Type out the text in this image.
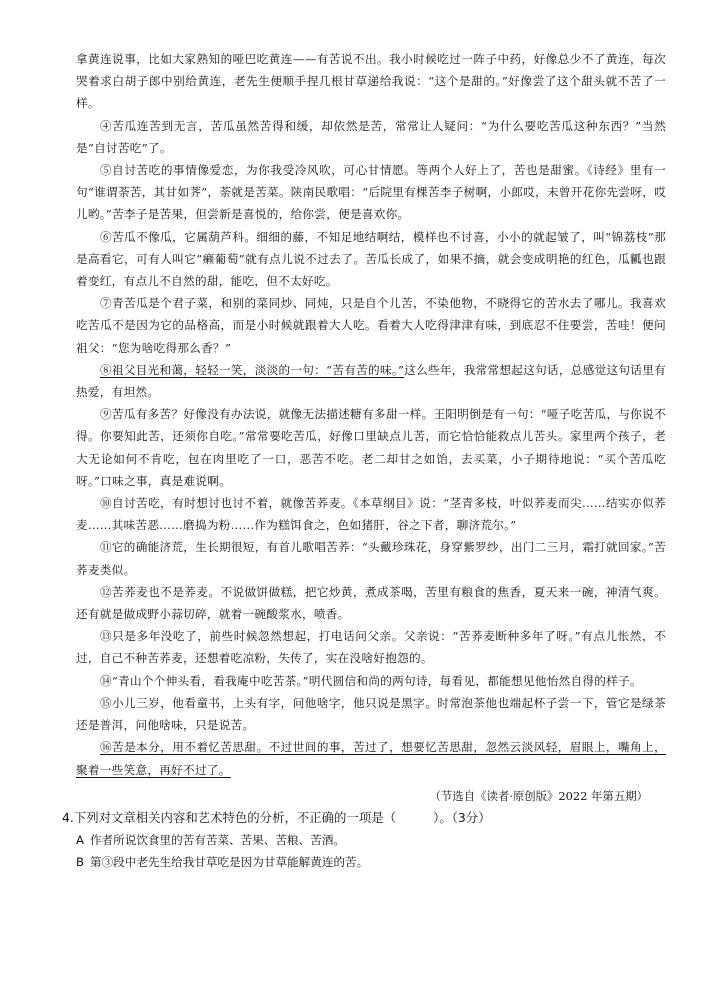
拿黄连说事，比如大家熟知的哑巴吃黄连——有苦说不出。我小时候吃过一阵子中药，好像总少不了黄连，每次哭着求白胡子郎中别给黄连，老先生便顺手捏几根甘草递给我说：“这个是甜的。”好像尝了这个甜头就不苦了一样。

④苦瓜连苦到无言，苦瓜虽然苦得和缓，却依然是苦，常常让人疑问：“为什么要吃苦瓜这种东西？”当然是“自讨苦吃”了。

⑤自讨苦吃的事情像爱恋，为你我受冷风吹，可心甘情愿。等两个人好上了，苦也是甜蜜。《诗经》里有一句“谁谓荼苦，其甘如荠”，荼就是苦菜。陕南民歌唱：“后院里有棵苦李子树啊，小郎哎，未曾开花你先尝呀，哎儿哟。”苦李子是苦果，但尝新是喜悦的，给你尝，便是喜欢你。

⑥苦瓜不像瓜，它属葫芦科。细细的藤，不知足地结啊结，模样也不讨喜，小小的就起皱了，叫“锦荔枝”那是高看它，可有人叫它“癞葡萄”就有点儿说不过去了。苦瓜长成了，如果不摘，就会变成明艳的红色，瓜瓤也跟着变红，有点儿不自然的甜，能吃，但不太好吃。

⑦青苦瓜是个君子菜，和别的菜同炒、同炖，只是自个儿苦，不染他物，不晓得它的苦水去了哪儿。我喜欢吃苦瓜不是因为它的品格高，而是小时候就跟着大人吃。看着大人吃得津津有味，到底忍不住要尝，苦哇！便问祖父：“您为啥吃得那么香？”

⑧祖父目光和蔼，轻轻一笑，淡淡的一句：“苦有苦的味。”这么些年，我常常想起这句话，总感觉这句话里有热爱，有坦然。

⑨苦瓜有多苦？好像没有办法说，就像无法描述糖有多甜一样。王阳明倒是有一句：“哑子吃苦瓜，与你说不得。你要知此苦，还须你自吃。”常常要吃苦瓜，好像口里缺点儿苦，而它恰恰能救点儿苦头。家里两个孩子，老大无论如何不肯吃，包在肉里吃了一口，恶苦不吃。老二却甘之如饴，去买菜，小子期待地说：“买个苦瓜吃呀。”口味之事，真是难说啊。

⑩自讨苦吃，有时想讨也讨不着，就像苦荞麦。《本草纲目》说：“茎青多枝，叶似荞麦而尖……结实亦似荞麦……其味苦恶……磨捣为粉……作为糕饵食之，色如猪肝，谷之下者，聊济荒尔。”

⑪它的确能济荒，生长期很短，有首儿歌唱苦荞：“头戴珍珠花，身穿紫罗纱，出门二三月，霜打就回家。”苦荞麦类似。

⑫苦荞麦也不是荞麦。不说做饼做糕，把它炒黄，煮成茶喝，苦里有粮食的焦香，夏天来一碗，神清气爽。还有就是做成野小蒜切碎，就着一碗酸浆水，喷香。

⑬只是多年没吃了，前些时候忽然想起，打电话问父亲。父亲说：“苦荞麦断种多年了呀。”有点儿怅然，不过，自己不种苦荞麦，还想着吃凉粉，失传了，实在没啥好抱怨的。

⑭“青山个个伸头看，看我庵中吃苦茶。”明代圆信和尚的两句诗，每看见，都能想见他怡然自得的样子。

⑮小儿三岁，他看童书，上头有字，问他啥字，他只说是黑字。时常泡茶他也端起杯子尝一下，管它是绿茶还是普洱，问他啥味，只是说苦。

⑯苦是本分，用不着忆苦思甜。不过世间的事，苦过了，想要忆苦思甜，忽然云淡风轻，眉眼上，嘴角上，聚着一些笑意，再好不过了。

（节选自《读者·原创版》2022 年第五期）

4.下列对文章相关内容和艺术特色的分析，不正确的一项是（　　　）。（3分）

A 作者所说饮食里的苦有苦菜、苦果、苦粮、苦酒。

B 第③段中老先生给我甘草吃是因为甘草能解黄连的苦。
